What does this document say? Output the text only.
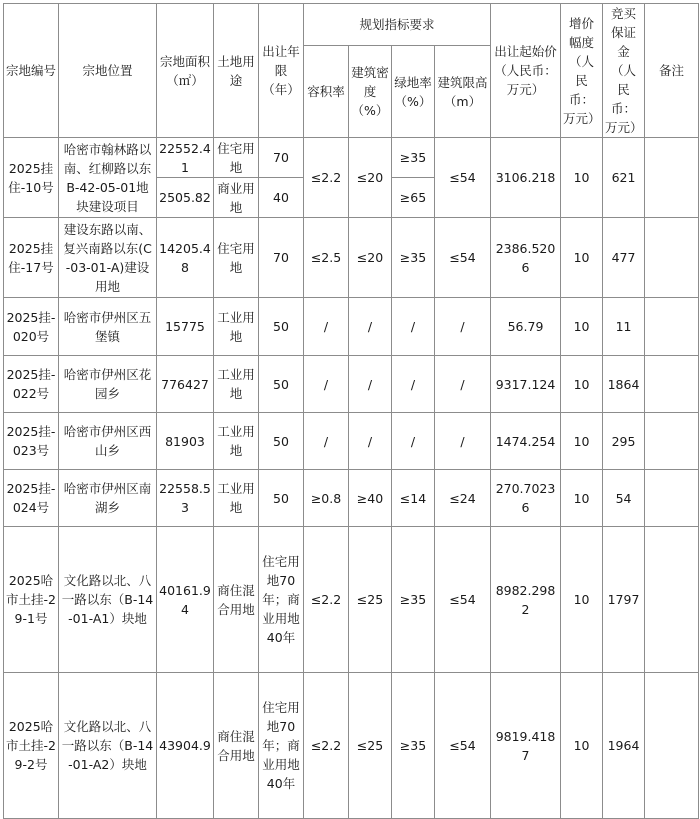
宗地编号	宗地位置	宗地面积（㎡）	土地用途	出让年限（年）	规划指标要求				出让起始价（人民币：万元）	增价幅度（人民币：万元）	竞买保证金（人民币：万元）	备注
					容积率	建筑密度（%）	绿地率（%）	建筑限高（m）				
2025挂住-10号	哈密市翰林路以南、红柳路以东B-42-05-01地块建设项目	22552.41	住宅用地	70	≤2.2	≤20	≥35	≤54	3106.218	10	621	
		2505.82	商业用地	40			≥65					
2025挂住-17号	建设东路以南、复兴南路以东(C-03-01-A)建设用地	14205.48	住宅用地	70	≤2.5	≤20	≥35	≤54	2386.5206	10	477	
2025挂-020号	哈密市伊州区五堡镇	15775	工业用地	50	/	/	/	/	56.79	10	11	
2025挂-022号	哈密市伊州区花园乡	776427	工业用地	50	/	/	/	/	9317.124	10	1864	
2025挂-023号	哈密市伊州区西山乡	81903	工业用地	50	/	/	/	/	1474.254	10	295	
2025挂-024号	哈密市伊州区南湖乡	22558.53	工业用地	50	≥0.8	≥40	≤14	≤24	270.70236	10	54	
2025哈市土挂-29-1号	文化路以北、八一路以东（B-14-01-A1）块地	40161.94	商住混合用地	住宅用地70年；商业用地40年	≤2.2	≤25	≥35	≤54	8982.2982	10	1797	
2025哈市土挂-29-2号	文化路以北、八一路以东（B-14-01-A2）块地	43904.9	商住混合用地	住宅用地70年；商业用地40年	≤2.2	≤25	≥35	≤54	9819.4187	10	1964	
